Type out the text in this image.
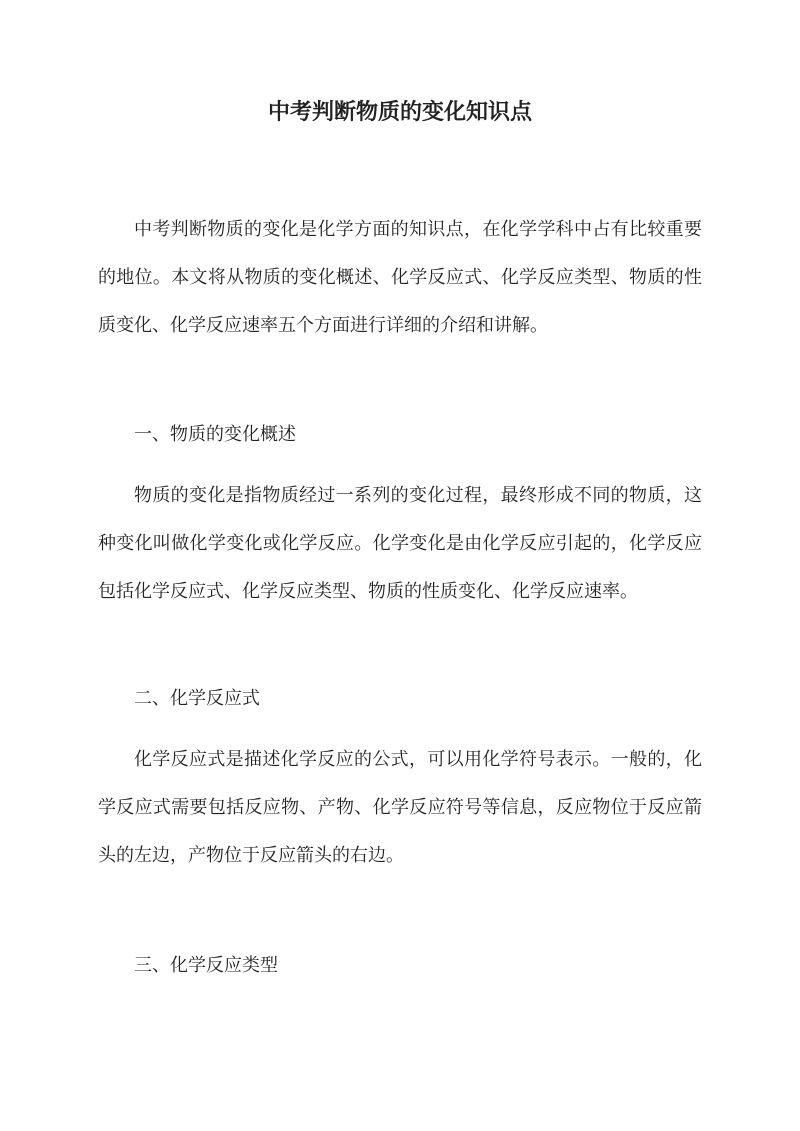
中考判断物质的变化知识点

中考判断物质的变化是化学方面的知识点，在化学学科中占有比较重要的地位。本文将从物质的变化概述、化学反应式、化学反应类型、物质的性质变化、化学反应速率五个方面进行详细的介绍和讲解。

一、物质的变化概述

物质的变化是指物质经过一系列的变化过程，最终形成不同的物质，这种变化叫做化学变化或化学反应。化学变化是由化学反应引起的，化学反应包括化学反应式、化学反应类型、物质的性质变化、化学反应速率。

二、化学反应式

化学反应式是描述化学反应的公式，可以用化学符号表示。一般的，化学反应式需要包括反应物、产物、化学反应符号等信息，反应物位于反应箭头的左边，产物位于反应箭头的右边。

三、化学反应类型
